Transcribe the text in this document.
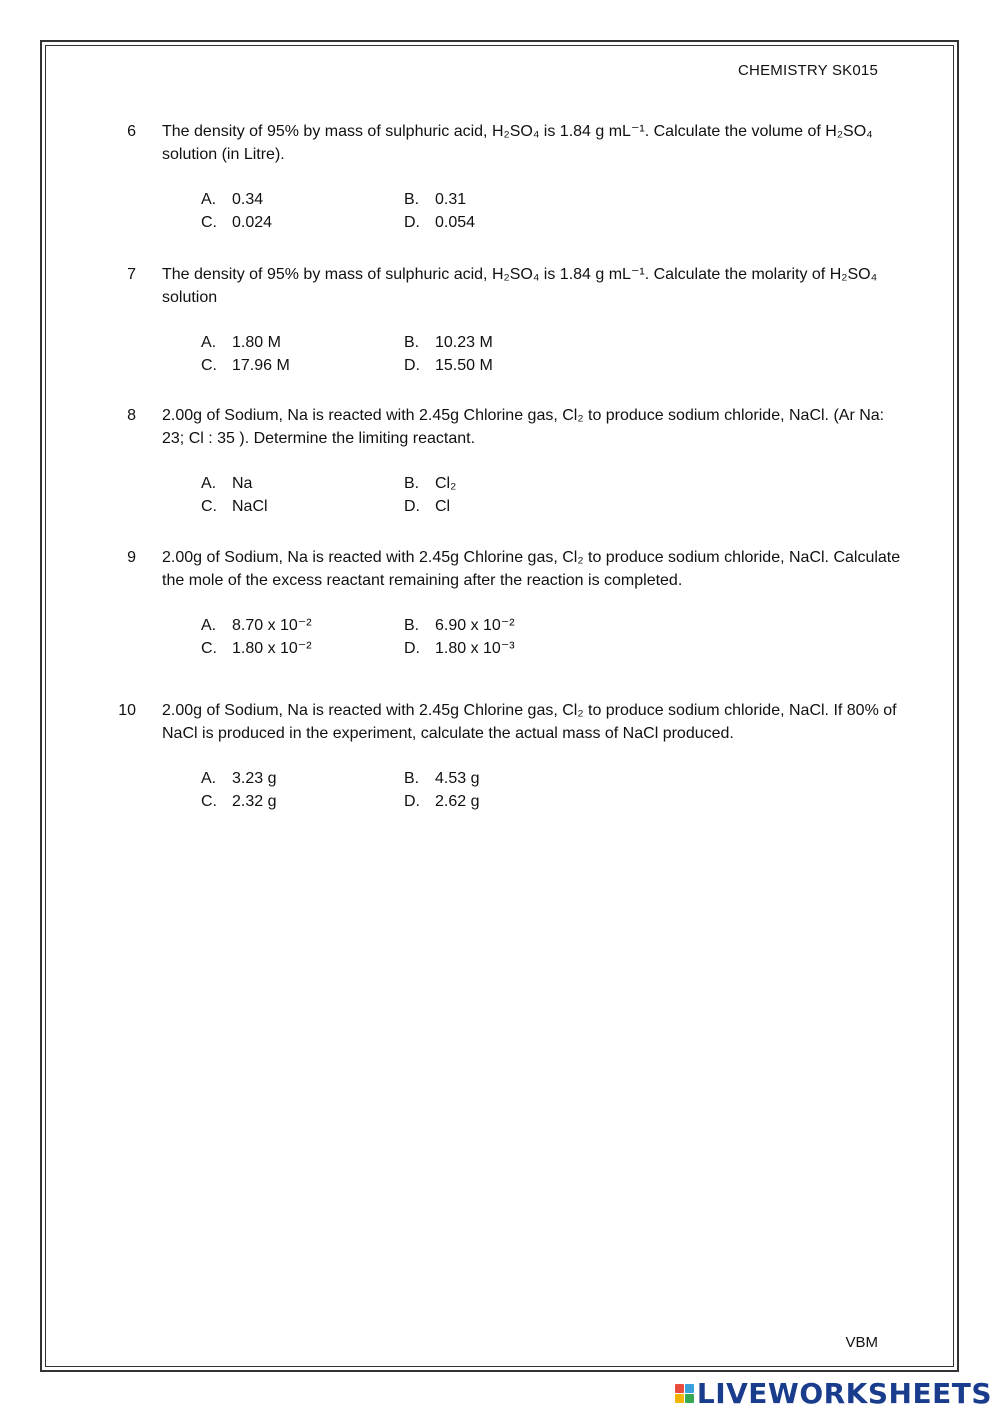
CHEMISTRY SK015
6 The density of 95% by mass of sulphuric acid, H₂SO₄ is 1.84 g mL⁻¹. Calculate the volume of H₂SO₄ solution (in Litre).
A. 0.34	B. 0.31
C. 0.024	D. 0.054
7 The density of 95% by mass of sulphuric acid, H₂SO₄ is 1.84 g mL⁻¹. Calculate the molarity of H₂SO₄ solution
A. 1.80 M	B. 10.23 M
C. 17.96 M	D. 15.50 M
8 2.00g of Sodium, Na is reacted with 2.45g Chlorine gas, Cl₂ to produce sodium chloride, NaCl. (Ar Na: 23; Cl : 35 ). Determine the limiting reactant.
A. Na	B. Cl₂
C. NaCl	D. Cl
9 2.00g of Sodium, Na is reacted with 2.45g Chlorine gas, Cl₂ to produce sodium chloride, NaCl. Calculate the mole of the excess reactant remaining after the reaction is completed.
A. 8.70 x 10⁻²	B. 6.90 x 10⁻²
C. 1.80 x 10⁻²	D. 1.80 x 10⁻³
10 2.00g of Sodium, Na is reacted with 2.45g Chlorine gas, Cl₂ to produce sodium chloride, NaCl. If 80% of NaCl is produced in the experiment, calculate the actual mass of NaCl produced.
A. 3.23 g	B. 4.53 g
C. 2.32 g	D. 2.62 g
VBM
LIVEWORKSHEETS
